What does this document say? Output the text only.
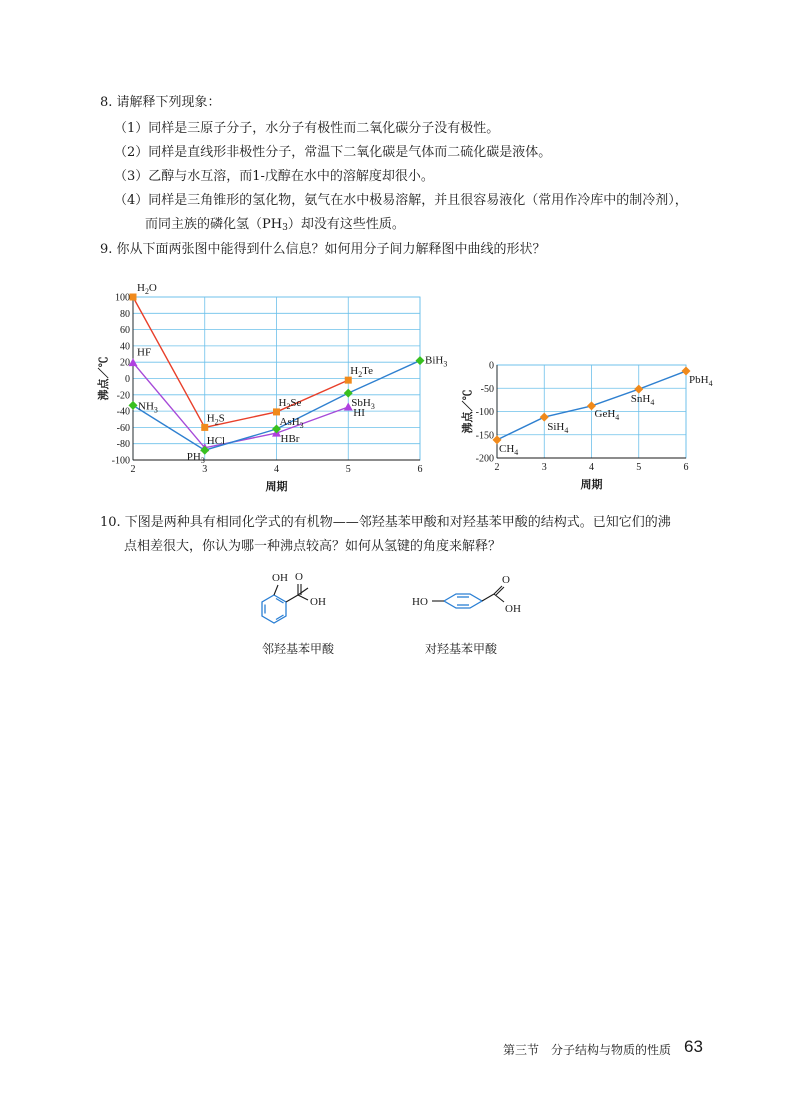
8. 请解释下列现象：
（1）同样是三原子分子，水分子有极性而二氧化碳分子没有极性。
（2）同样是直线形非极性分子，常温下二氧化碳是气体而二硫化碳是液体。
（3）乙醇与水互溶，而1-戊醇在水中的溶解度却很小。
（4）同样是三角锥形的氢化物，氨气在水中极易溶解，并且很容易液化（常用作冷库中的制冷剂），
而同主族的磷化氢$(PH_3)$却没有这些性质。
9. 你从下面两张图中能得到什么信息？如何用分子间力解释图中曲线的形状？
-100
-80
-60
-40
-20
0
20
40
60
80
100
2	3	4	5	6
周期
沸点／℃
$H_2O$
$H_2S$
$H_2Se$
$H_2Te$
HF
HCl	HBr
HI
$NH_3$
$PH_3$
AsH$_3$
SbH$_3$
BiH$_3$
-200
-150
-100
-50
0
2	3	4	5	6
周期
沸点／℃
$CH_4$
SiH$_4$
GeH$_4$
SnH$_4$
PbH$_4$
10. 下图是两种具有相同化学式的有机物——邻羟基苯甲酸和对羟基苯甲酸的结构式。已知它们的沸
点相差很大，你认为哪一种沸点较高？如何从氢键的角度来解释？
OH O
OH	HO
O
OH
邻羟基苯甲酸	对羟基苯甲酸
第三节　分子结构与物质的性质 63
